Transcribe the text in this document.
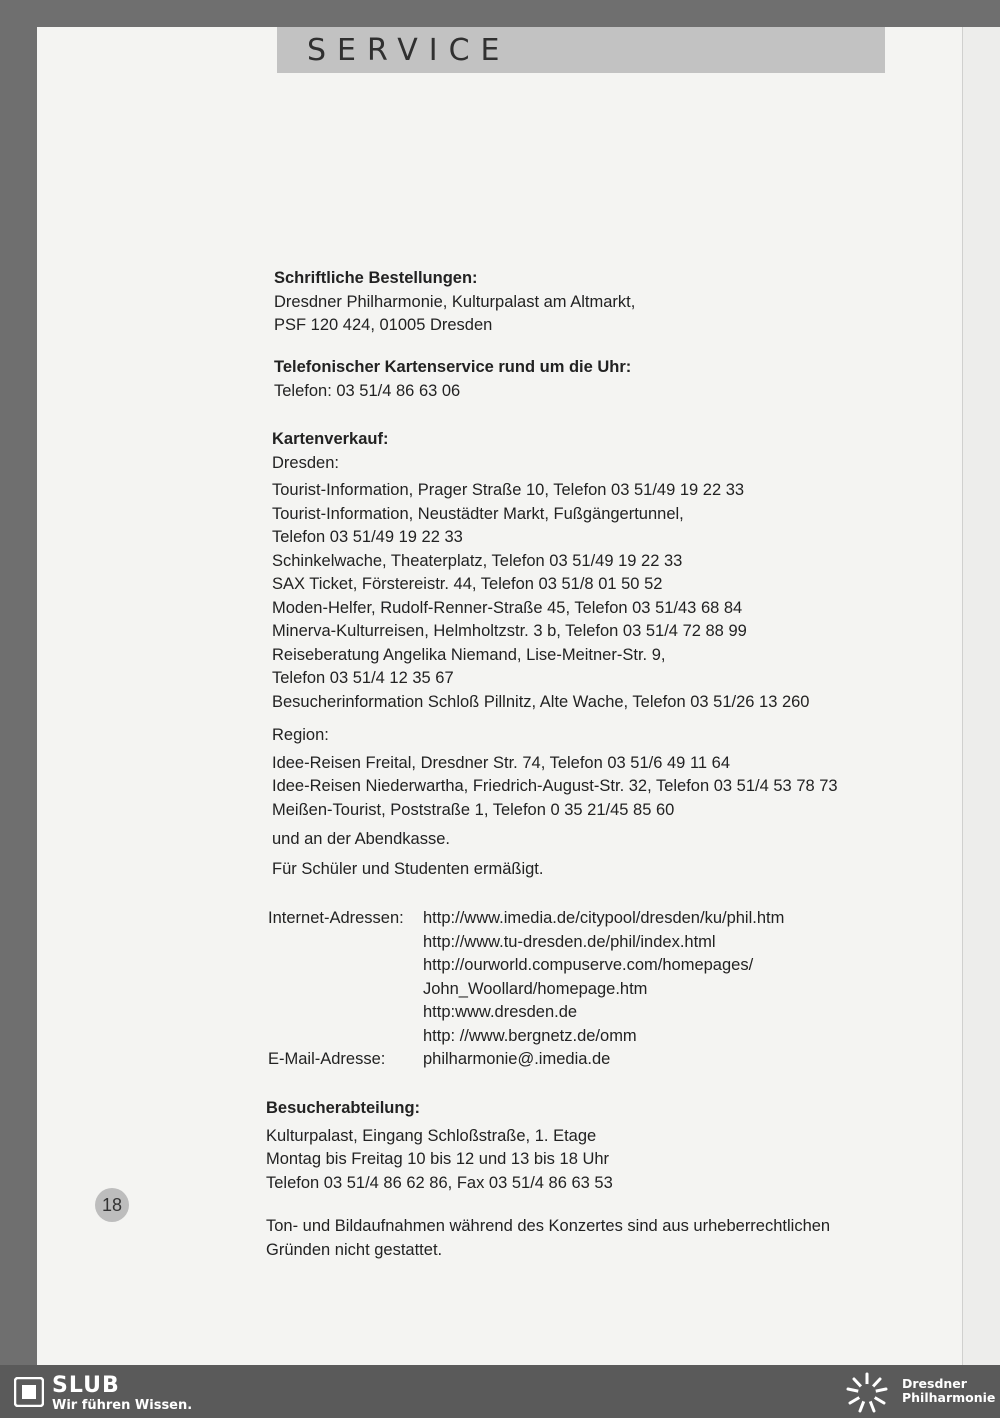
SERVICE
Schriftliche Bestellungen:
Dresdner Philharmonie, Kulturpalast am Altmarkt,
PSF 120 424, 01005 Dresden
Telefonischer Kartenservice rund um die Uhr:
Telefon: 03 51/4 86 63 06
Kartenverkauf:
Dresden:
Tourist-Information, Prager Straße 10, Telefon 03 51/49 19 22 33
Tourist-Information, Neustädter Markt, Fußgängertunnel,
Telefon 03 51/49 19 22 33
Schinkelwache, Theaterplatz, Telefon 03 51/49 19 22 33
SAX Ticket, Förstereistr. 44, Telefon 03 51/8 01 50 52
Moden-Helfer, Rudolf-Renner-Straße 45, Telefon 03 51/43 68 84
Minerva-Kulturreisen, Helmholtzstr. 3 b, Telefon 03 51/4 72 88 99
Reiseberatung Angelika Niemand, Lise-Meitner-Str. 9,
Telefon 03 51/4 12 35 67
Besucherinformation Schloß Pillnitz, Alte Wache, Telefon 03 51/26 13 260
Region:
Idee-Reisen Freital, Dresdner Str. 74, Telefon 03 51/6 49 11 64
Idee-Reisen Niederwartha, Friedrich-August-Str. 32, Telefon 03 51/4 53 78 73
Meißen-Tourist, Poststraße 1, Telefon 0 35 21/45 85 60
und an der Abendkasse.
Für Schüler und Studenten ermäßigt.
Internet-Adressen: http://www.imedia.de/citypool/dresden/ku/phil.htm
http://www.tu-dresden.de/phil/index.html
http://ourworld.compuserve.com/homepages/
John_Woollard/homepage.htm
http:www.dresden.de
http: //www.bergnetz.de/omm
E-Mail-Adresse: philharmonie@.imedia.de
Besucherabteilung:
Kulturpalast, Eingang Schloßstraße, 1. Etage
Montag bis Freitag 10 bis 12 und 13 bis 18 Uhr
Telefon 03 51/4 86 62 86, Fax 03 51/4 86 63 53
Ton- und Bildaufnahmen während des Konzertes sind aus urheberrechtlichen
Gründen nicht gestattet.
18
SLUB
Wir führen Wissen.
Dresdner
Philharmonie
